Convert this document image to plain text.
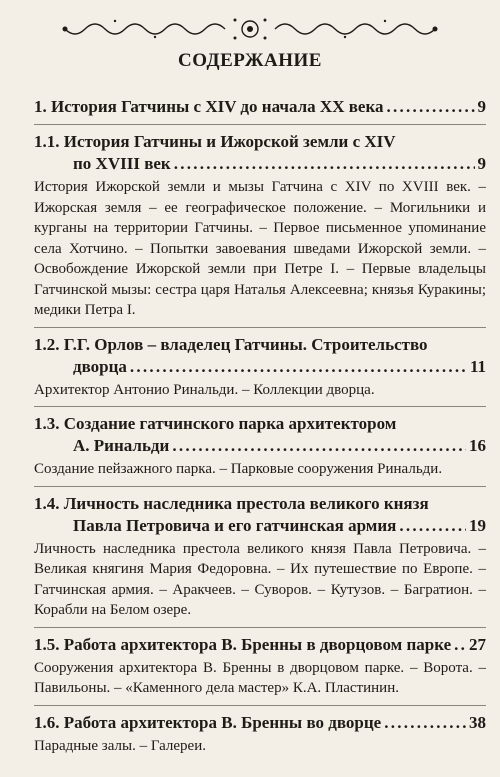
СОДЕРЖАНИЕ
1. История Гатчины с XIV до начала XX века . . .	9
1.1. История Гатчины и Ижорской земли с XIV
по XVIII век . . .	9
История Ижорской земли и мызы Гатчина с XIV по XVIII век. – Ижорская земля – ее географическое положение. – Могильники и курганы на территории Гатчины. – Первое письменное упоминание села Хотчино. – Попытки завоевания шведами Ижорской земли. – Освобождение Ижорской земли при Петре I. – Первые владельцы Гатчинской мызы: сестра царя Наталья Алексеевна; князья Куракины; медики Петра I.
1.2. Г.Г. Орлов – владелец Гатчины. Строительство
дворца . . .	11
Архитектор Антонио Ринальди. – Коллекции дворца.
1.3. Создание гатчинского парка архитектором
А. Ринальди . . .	16
Создание пейзажного парка. – Парковые сооружения Ринальди.
1.4. Личность наследника престола великого князя
Павла Петровича и его гатчинская армия . . .	19
Личность наследника престола великого князя Павла Петровича. – Великая княгиня Мария Федоровна. – Их путешествие по Европе. – Гатчинская армия. – Аракчеев. – Суворов. – Кутузов. – Багратион. – Корабли на Белом озере.
1.5. Работа архитектора В. Бренны в дворцовом парке . . . 27
Сооружения архитектора В. Бренны в дворцовом парке. – Ворота. – Павильоны. – «Каменного дела мастер» К.А. Пластинин.
1.6. Работа архитектора В. Бренны во дворце . . .	38
Парадные залы. – Галереи.
